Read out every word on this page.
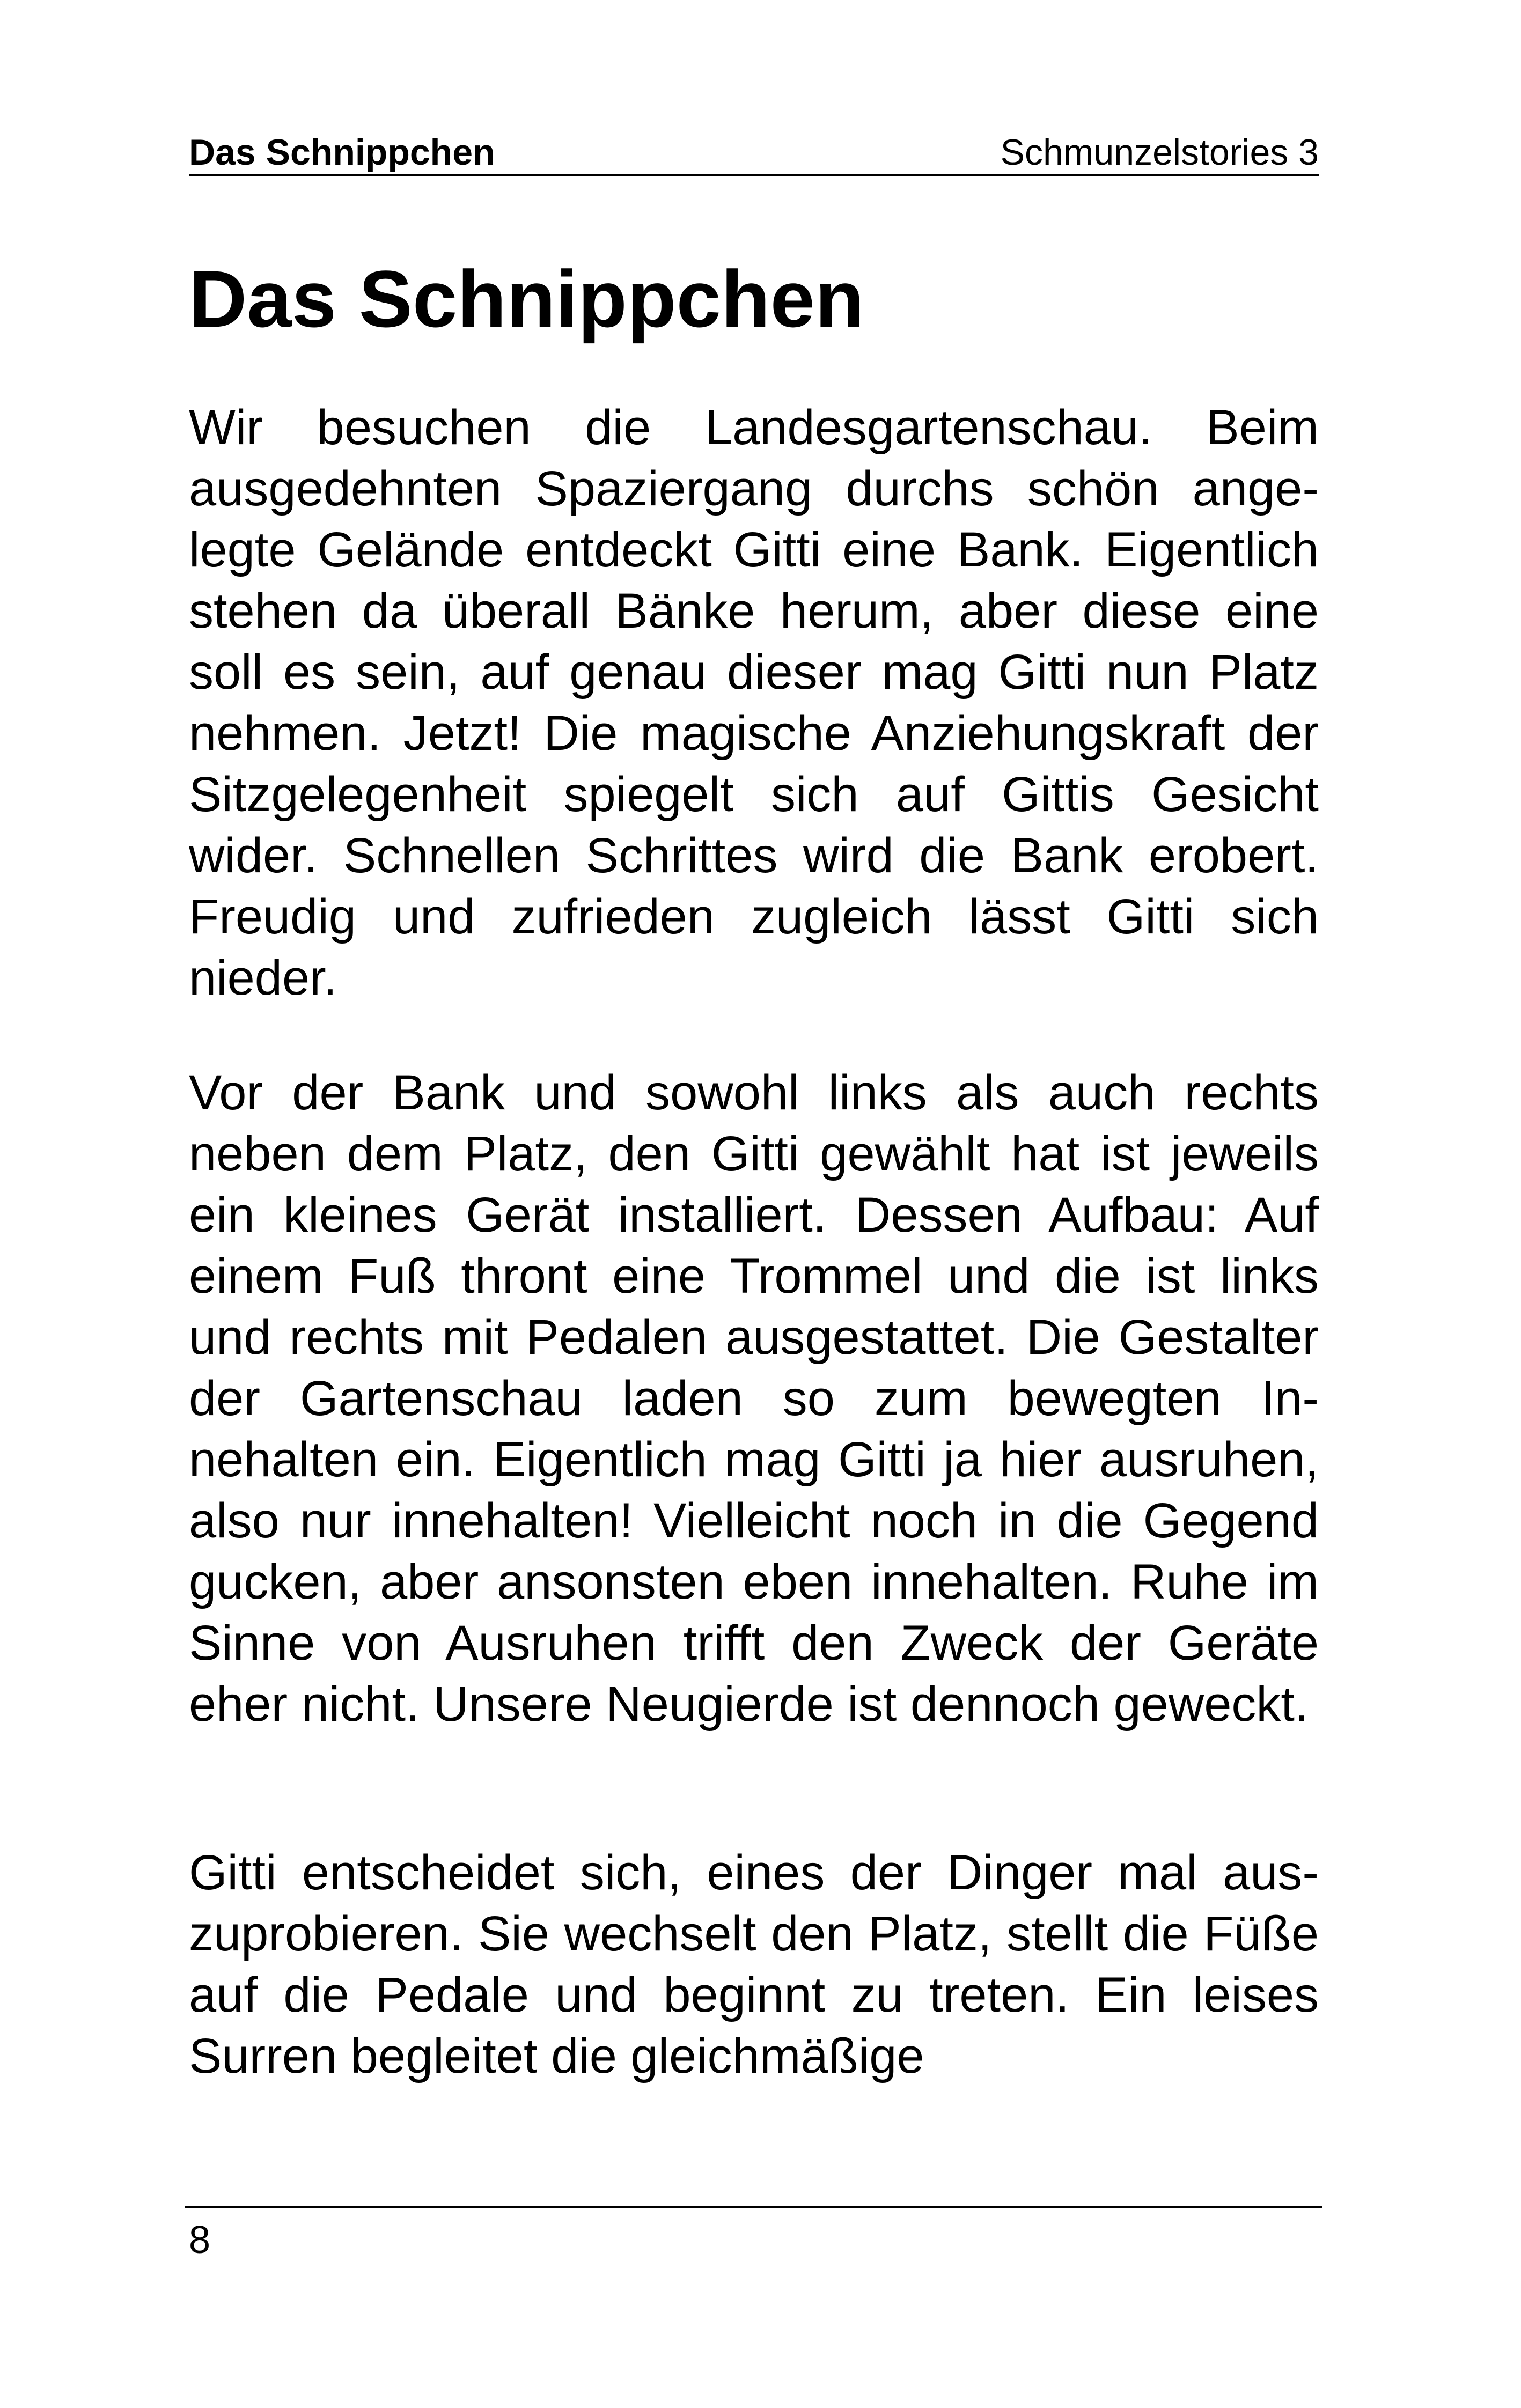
Das Schnippchen	Schmunzelstories 3
Das Schnippchen

Wir besuchen die Landesgartenschau. Beim ausgedehnten Spaziergang durchs schön angelegte Gelände entdeckt Gitti eine Bank. Eigentlich stehen da überall Bänke herum, aber diese eine soll es sein, auf genau dieser mag Gitti nun Platz nehmen. Jetzt! Die magische Anziehungskraft der Sitzgelegenheit spiegelt sich auf Gittis Gesicht wider. Schnellen Schrittes wird die Bank erobert. Freudig und zufrieden zugleich lässt Gitti sich nieder.

Vor der Bank und sowohl links als auch rechts neben dem Platz, den Gitti gewählt hat ist jeweils ein kleines Gerät installiert. Dessen Aufbau: Auf einem Fuß thront eine Trommel und die ist links und rechts mit Pedalen ausgestattet. Die Gestalter der Gartenschau laden so zum bewegten Innehalten ein. Eigentlich mag Gitti ja hier ausruhen, also nur innehalten! Vielleicht noch in die Gegend gucken, aber ansonsten eben innehalten. Ruhe im Sinne von Ausruhen trifft den Zweck der Geräte eher nicht. Unsere Neugierde ist dennoch geweckt.

Gitti entscheidet sich, eines der Dinger mal auszuprobieren. Sie wechselt den Platz, stellt die Füße auf die Pedale und beginnt zu treten. Ein leises Surren begleitet die gleichmäßige

8
